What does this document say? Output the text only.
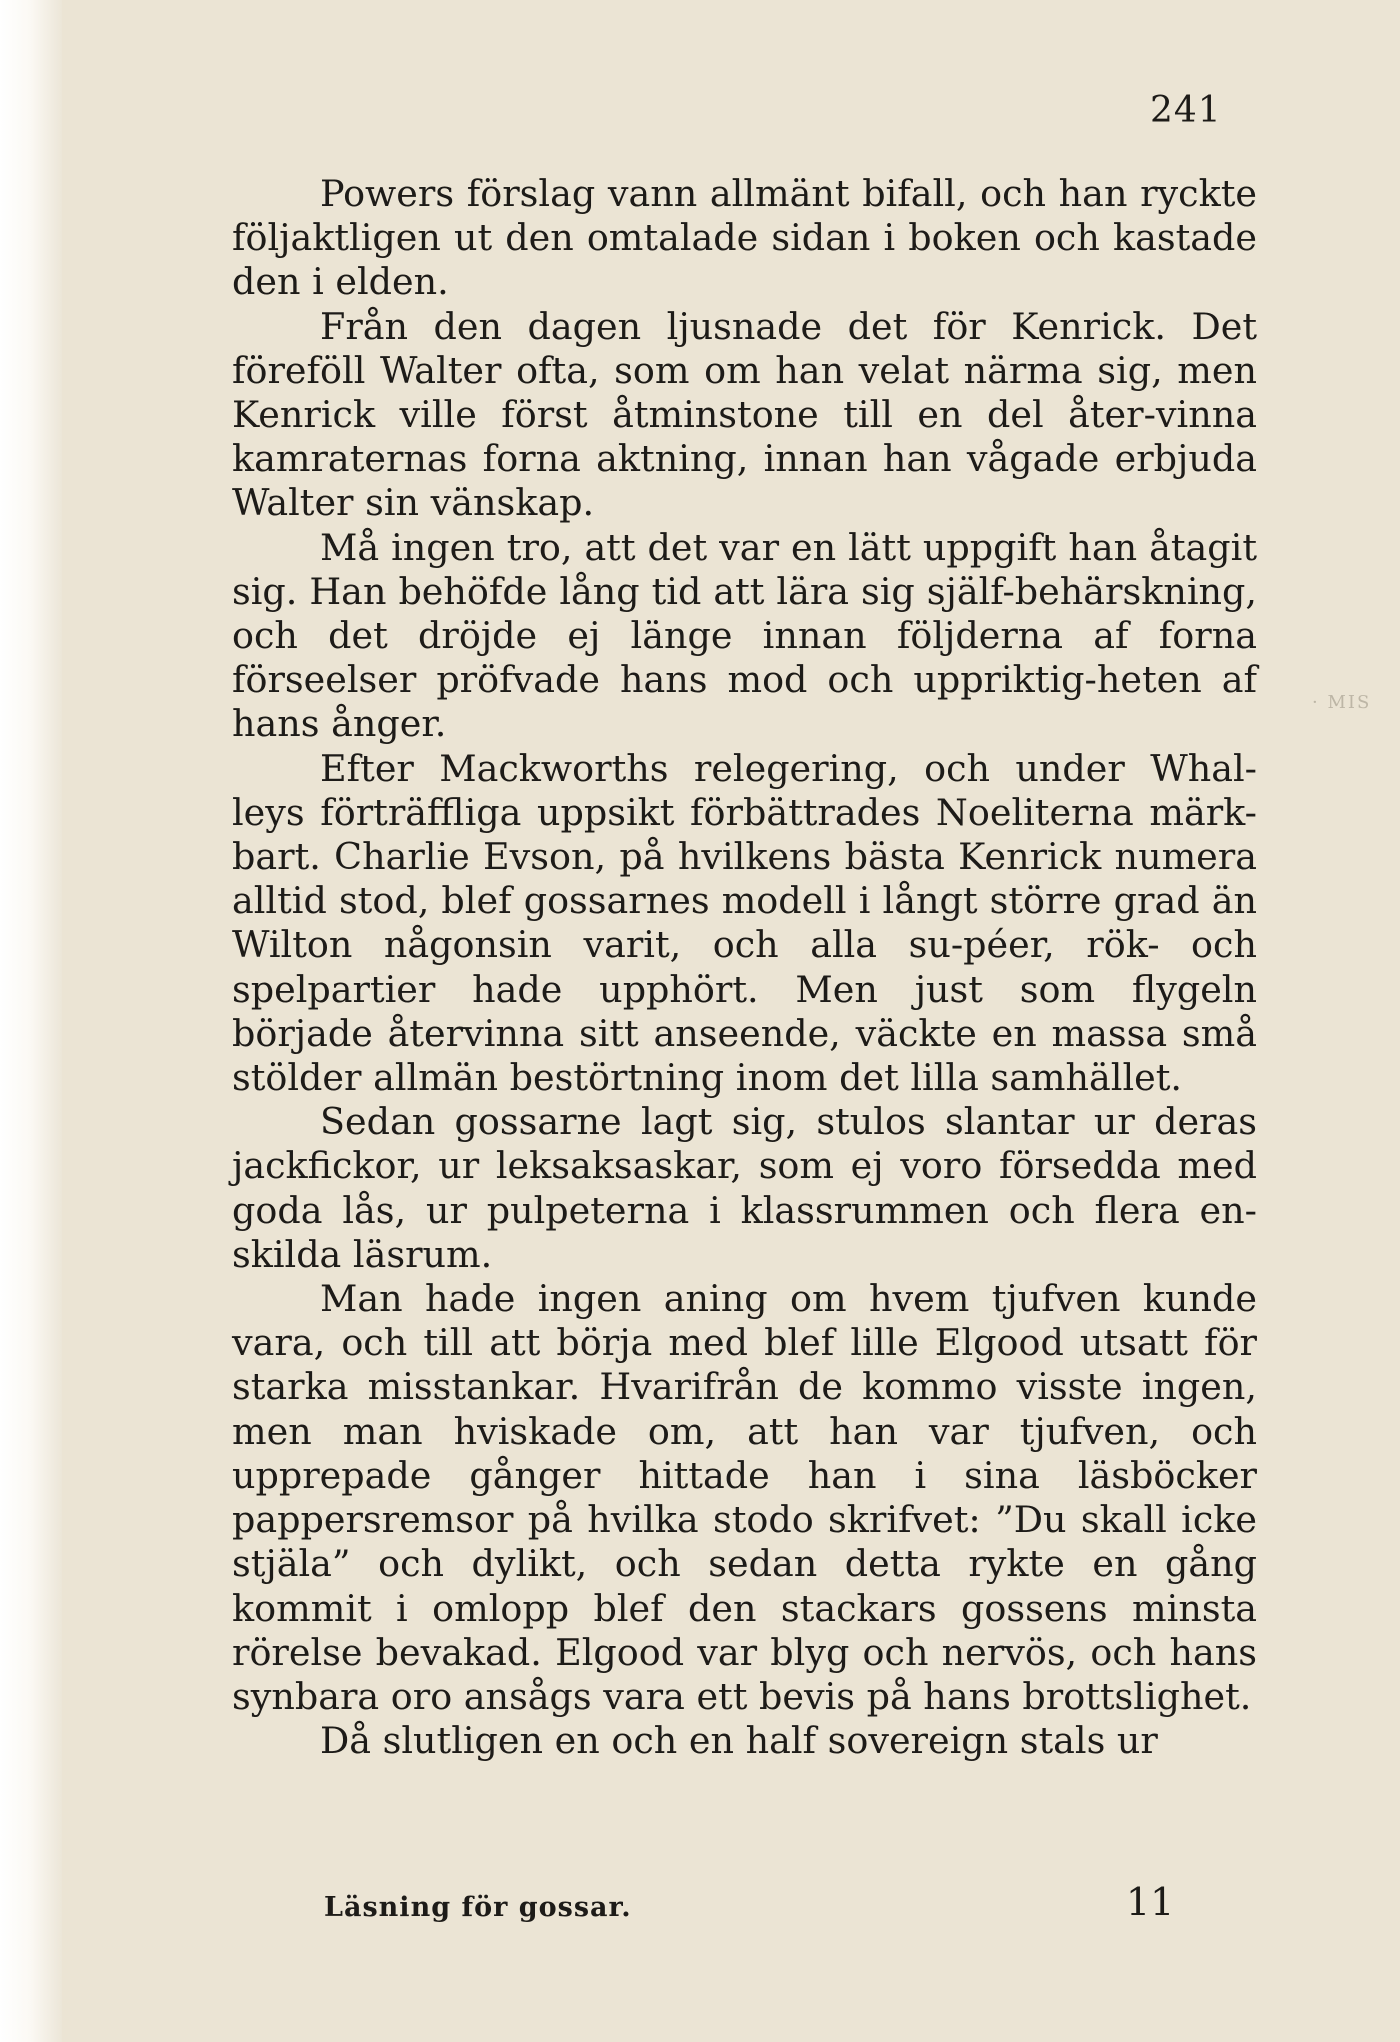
241

Powers förslag vann allmänt bifall, och han ryckte följaktligen ut den omtalade sidan i boken och kastade den i elden.

Från den dagen ljusnade det för Kenrick. Det föreföll Walter ofta, som om han velat närma sig, men Kenrick ville först åtminstone till en del åter-vinna kamraternas forna aktning, innan han vågade erbjuda Walter sin vänskap.

Må ingen tro, att det var en lätt uppgift han åtagit sig. Han behöfde lång tid att lära sig själf-behärskning, och det dröjde ej länge innan följderna af forna förseelser pröfvade hans mod och uppriktig-heten af hans ånger.

Efter Mackworths relegering, och under Whal-leys förträffliga uppsikt förbättrades Noeliterna märk-bart. Charlie Evson, på hvilkens bästa Kenrick numera alltid stod, blef gossarnes modell i långt större grad än Wilton någonsin varit, och alla su-péer, rök- och spelpartier hade upphört. Men just som flygeln började återvinna sitt anseende, väckte en massa små stölder allmän bestörtning inom det lilla samhället.

Sedan gossarne lagt sig, stulos slantar ur deras jackfickor, ur leksaksaskar, som ej voro försedda med goda lås, ur pulpeterna i klassrummen och flera en-skilda läsrum.

Man hade ingen aning om hvem tjufven kunde vara, och till att börja med blef lille Elgood utsatt för starka misstankar. Hvarifrån de kommo visste ingen, men man hviskade om, att han var tjufven, och upprepade gånger hittade han i sina läsböcker pappersremsor på hvilka stodo skrifvet: ”Du skall icke stjäla” och dylikt, och sedan detta rykte en gång kommit i omlopp blef den stackars gossens minsta rörelse bevakad. Elgood var blyg och nervös, och hans synbara oro ansågs vara ett bevis på hans brottslighet.

Då slutligen en och en half sovereign stals ur

· MIS
Läsning för gossar.	11
